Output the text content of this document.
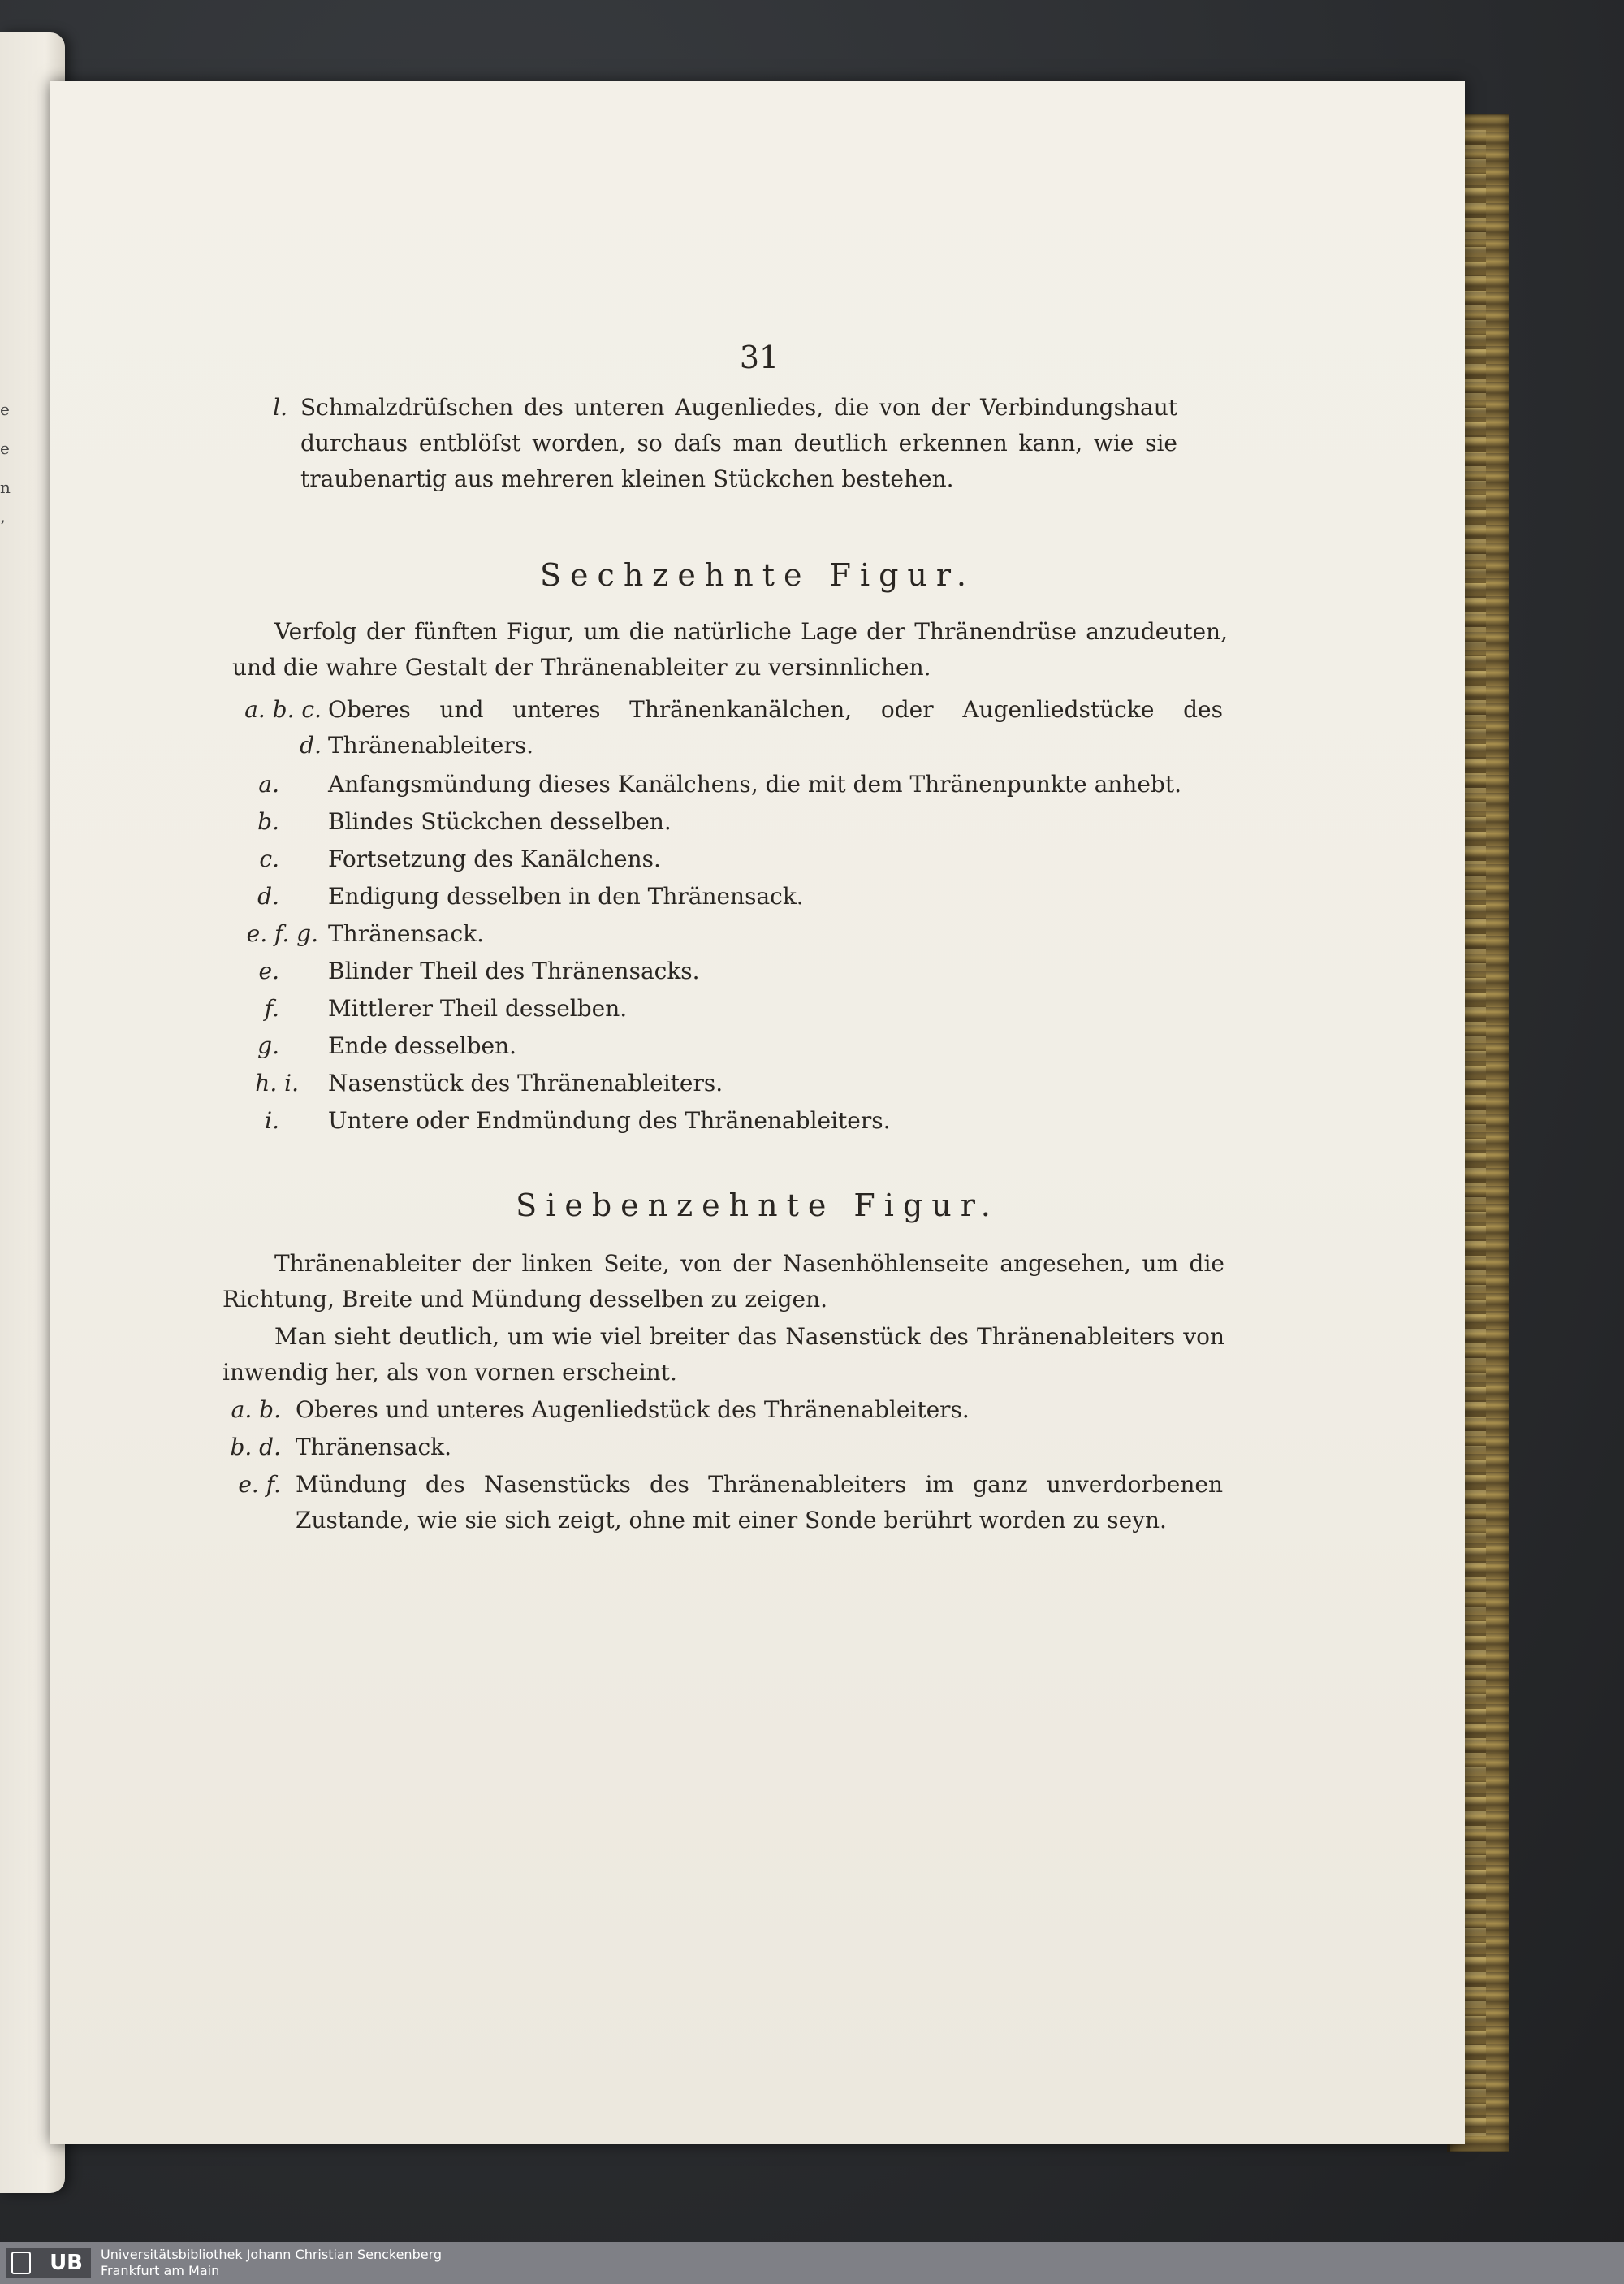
e
e
n
’
31
l. Schmalzdrüſschen des unteren Augenliedes, die von der Verbindungshaut durchaus entblöſst worden, so daſs man deutlich erkennen kann, wie sie traubenartig aus mehreren kleinen Stückchen bestehen.
Sechzehnte Figur.
Verfolg der fünften Figur, um die natürliche Lage der Thränendrüse anzudeuten, und die wahre Gestalt der Thränenableiter zu versinnlichen.
a. b. c. d.
Oberes und unteres Thränenkanälchen, oder Augenliedstücke des Thränenableiters.
a. Anfangsmündung dieses Kanälchens, die mit dem Thränenpunkte anhebt.
b. Blindes Stückchen desselben.
c. Fortsetzung des Kanälchens.
d. Endigung desselben in den Thränensack.
e. f. g. Thränensack.
e. Blinder Theil des Thränensacks.
f. Mittlerer Theil desselben.
g. Ende desselben.
h. i. Nasenstück des Thränenableiters.
i. Untere oder Endmündung des Thränenableiters.
Siebenzehnte Figur.
Thränenableiter der linken Seite, von der Nasenhöhlenseite angesehen, um die Richtung, Breite und Mündung desselben zu zeigen.
Man sieht deutlich, um wie viel breiter das Nasenstück des Thränenableiters von inwendig her, als von vornen erscheint.
a. b. Oberes und unteres Augenliedstück des Thränenableiters.
b. d. Thränensack.
e. f. Mündung des Nasenstücks des Thränenableiters im ganz unverdorbenen Zustande, wie sie sich zeigt, ohne mit einer Sonde berührt worden zu seyn.
UB	Universitätsbibliothek Johann Christian Senckenberg
Frankfurt am Main
